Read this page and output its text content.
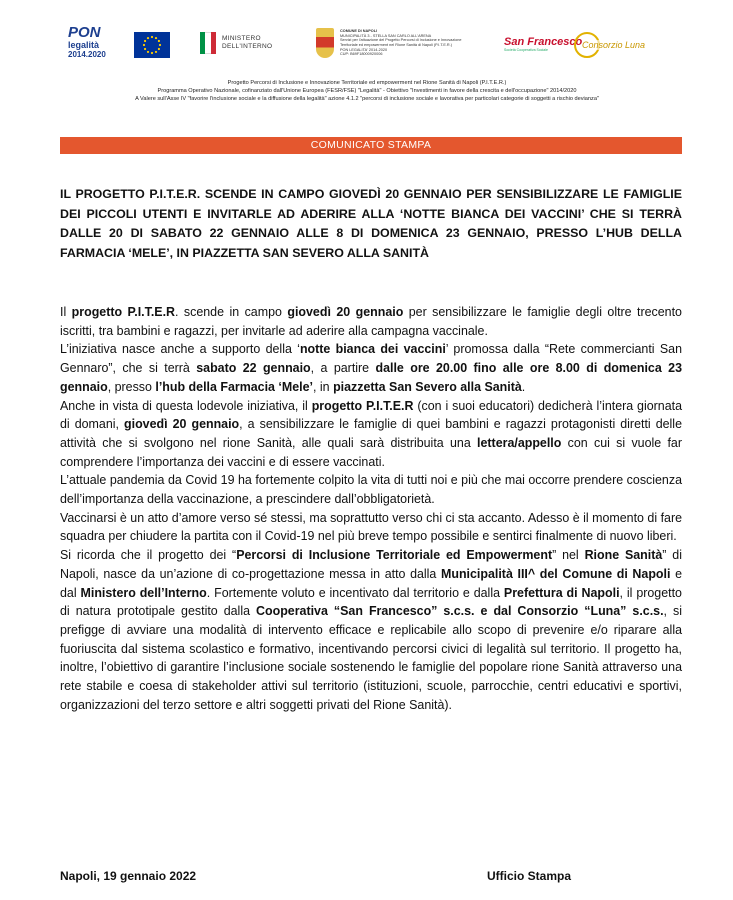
PON
legalità
2014.2020
MINISTERO
DELL'INTERNO
COMUNE DI NAPOLI
MUNICIPALITÀ 3 - STELLA SAN CARLO ALL'ARENA
Servizi per l'attuazione del Progetto Percorsi di Inclusione e Innovazione
Territoriale ed empowerment nel Rione Sanità di Napoli (P.I.T.E.R.)
PON LEGALITA' 2014-2020
CUP: B69F18000920006
San Francesco
Società Cooperativa Sociale	Consorzio Luna
Progetto Percorsi di Inclusione e Innovazione Territoriale ed empowerment nel Rione Sanità di Napoli (P.I.T.E.R.)
Programma Operativo Nazionale, cofinanziato dall'Unione Europea (FESR/FSE) "Legalità" - Obiettivo "Investimenti in favore della crescita e dell'occupazione" 2014/2020
A Valere sull'Asse IV "favorire l'inclusione sociale e la diffusione della legalità" azione 4.1.2 "percorsi di inclusione sociale e lavorativa per particolari categorie di soggetti a rischio devianza"
COMUNICATO STAMPA
IL PROGETTO P.I.T.E.R. SCENDE IN CAMPO GIOVEDÌ 20 GENNAIO PER SENSIBILIZZARE LE FAMIGLIE DEI PICCOLI UTENTI E INVITARLE AD ADERIRE ALLA ‘NOTTE BIANCA DEI VACCINI’ CHE SI TERRÀ DALLE 20 DI SABATO 22 GENNAIO ALLE 8 DI DOMENICA 23 GENNAIO, PRESSO L’HUB DELLA FARMACIA ‘MELE’, IN PIAZZETTA SAN SEVERO ALLA SANITÀ

Il progetto P.I.T.E.R. scende in campo giovedì 20 gennaio per sensibilizzare le famiglie degli oltre trecento iscritti, tra bambini e ragazzi, per invitarle ad aderire alla campagna vaccinale.

L’iniziativa nasce anche a supporto della ‘notte bianca dei vaccini’ promossa dalla “Rete commercianti San Gennaro”, che si terrà sabato 22 gennaio, a partire dalle ore 20.00 fino alle ore 8.00 di domenica 23 gennaio, presso l’hub della Farmacia ‘Mele’, in piazzetta San Severo alla Sanità.

Anche in vista di questa lodevole iniziativa, il progetto P.I.T.E.R (con i suoi educatori) dedicherà l’intera giornata di domani, giovedì 20 gennaio, a sensibilizzare le famiglie di quei bambini e ragazzi protagonisti diretti delle attività che si svolgono nel rione Sanità, alle quali sarà distribuita una lettera/appello con cui si vuole far comprendere l’importanza dei vaccini e di essere vaccinati.

L’attuale pandemia da Covid 19 ha fortemente colpito la vita di tutti noi e più che mai occorre prendere coscienza dell’importanza della vaccinazione, a prescindere dall’obbligatorietà.

Vaccinarsi è un atto d’amore verso sé stessi, ma soprattutto verso chi ci sta accanto. Adesso è il momento di fare squadra per chiudere la partita con il Covid-19 nel più breve tempo possibile e sentirci finalmente di nuovo liberi.

Si ricorda che il progetto dei “Percorsi di Inclusione Territoriale ed Empowerment” nel Rione Sanità” di Napoli, nasce da un’azione di co-progettazione messa in atto dalla Municipalità III^ del Comune di Napoli e dal Ministero dell’Interno. Fortemente voluto e incentivato dal territorio e dalla Prefettura di Napoli, il progetto di natura prototipale gestito dalla Cooperativa “San Francesco” s.c.s. e dal Consorzio “Luna” s.c.s., si prefigge di avviare una modalità di intervento efficace e replicabile allo scopo di prevenire e/o riparare alla fuoriuscita dal sistema scolastico e formativo, incentivando percorsi civici di legalità sul territorio. Il progetto ha, inoltre, l’obiettivo di garantire l’inclusione sociale sostenendo le famiglie del popolare rione Sanità attraverso una rete stabile e coesa di stakeholder attivi sul territorio (istituzioni, scuole, parrocchie, centri educativi e sportivi, organizzazioni del terzo settore e altri soggetti privati del Rione Sanità).

Napoli, 19 gennaio 2022	Ufficio Stampa
